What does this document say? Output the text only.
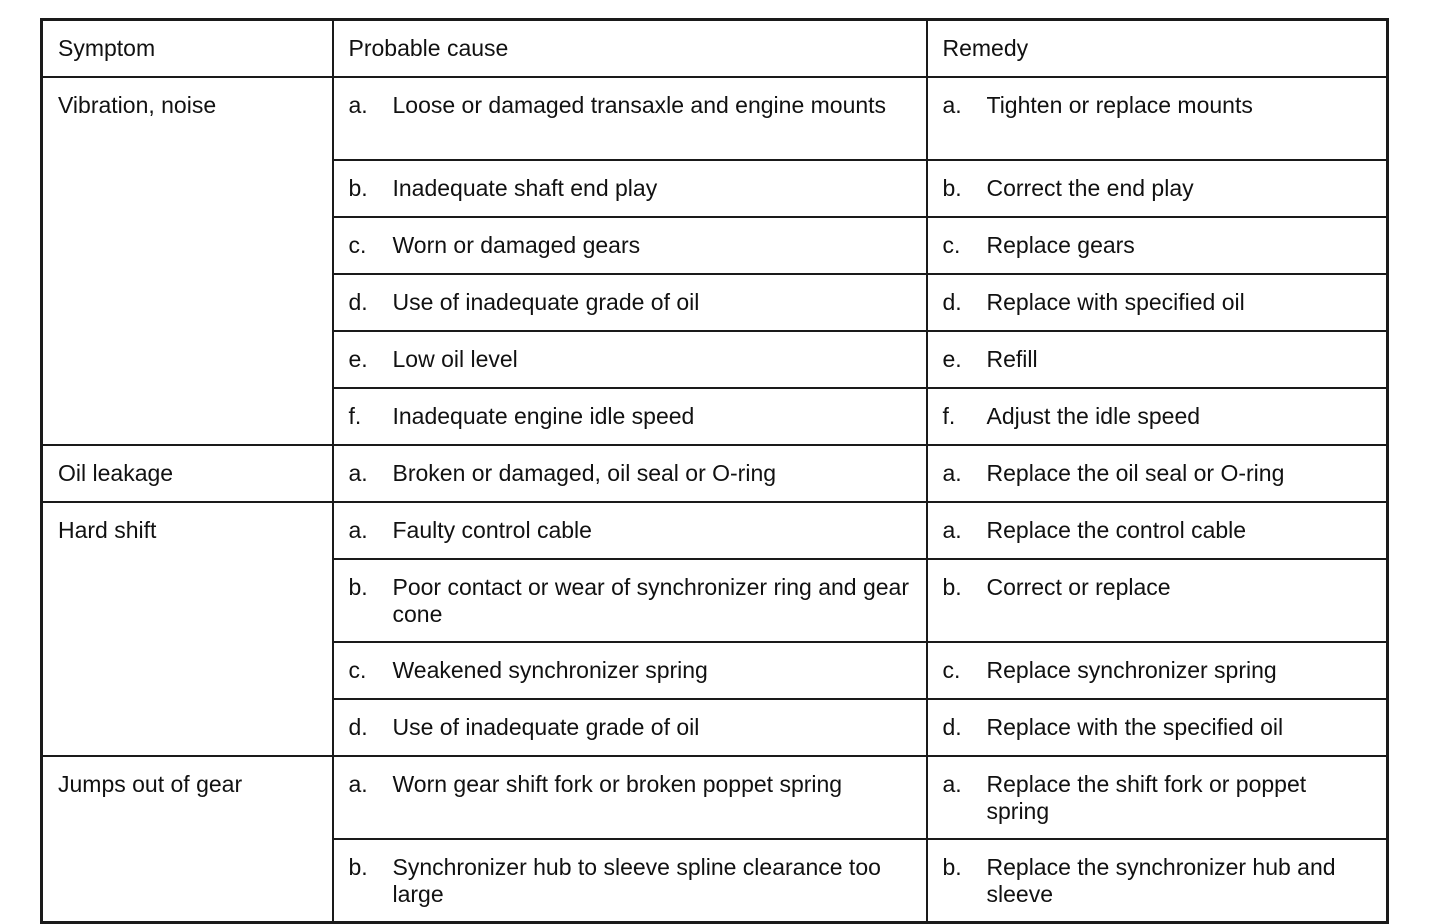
Symptom	Probable cause	Remedy
Vibration, noise	a. Loose or damaged transaxle and engine mounts	a. Tighten or replace mounts

	b. Inadequate shaft end play	b. Correct the end play

	c. Worn or damaged gears	c. Replace gears

	d. Use of inadequate grade of oil	d. Replace with specified oil

	e. Low oil level	e. Refill

	f. Inadequate engine idle speed	f. Adjust the idle speed

Oil leakage	a. Broken or damaged, oil seal or O-ring	a. Replace the oil seal or O-ring

Hard shift	a. Faulty control cable	a. Replace the control cable

	b. Poor contact or wear of synchronizer ring and gear cone	b. Correct or replace

	c. Weakened synchronizer spring	c. Replace synchronizer spring

	d. Use of inadequate grade of oil	d. Replace with the specified oil

Jumps out of gear	a. Worn gear shift fork or broken poppet spring	a. Replace the shift fork or poppet spring

	b. Synchronizer hub to sleeve spline clearance too large	b. Replace the synchronizer hub and sleeve
